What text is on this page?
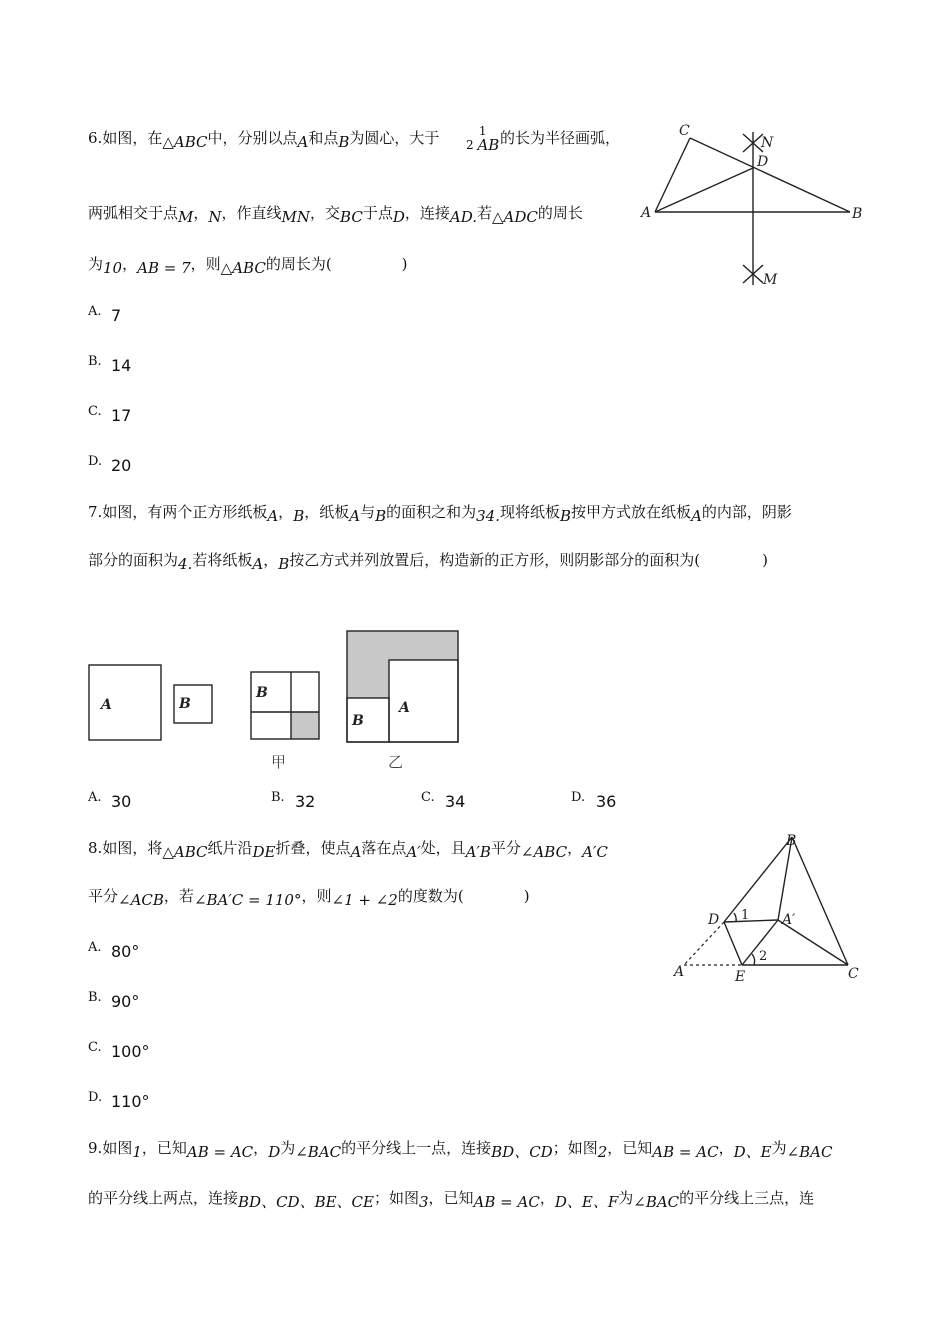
6.如图，在△ABC中，分别以点A和点B为圆心，大于	1
2
AB 的长为半径画弧，
两弧相交于点M，N，作直线MN，交BC于点D，连接AD.若△ADC的周长
为10，AB = 7，则△ABC的周长为(	)
A. 7
B. 14
C. 17
D. 20
C
N
D
A	B
M
7.如图，有两个正方形纸板A，B，纸板A与B的面积之和为34.现将纸板B按甲方式放在纸板A的内部，阴影
部分的面积为4.若将纸板A，B按乙方式并列放置后，构造新的正方形，则阴影部分的面积为(	)
A	B
B
A
B
甲	乙
A. 30	B. 32	C. 34	D. 36
8.如图，将△ABC纸片沿DE折叠，使点A落在点A′处，且A′B平分∠ABC，A′C
平分∠ACB，若∠BA′C = 110°，则∠1 + ∠2的度数为(	)
A. 80°
B. 90°
C. 100°
D. 110°
B
D	A′
A	E	C
1
2
9.如图1，已知AB = AC，D为∠BAC的平分线上一点，连接BD、CD；如图2，已知AB = AC，D、E为∠BAC
的平分线上两点，连接BD、CD、BE、CE；如图3，已知AB = AC，D、E、F为∠BAC的平分线上三点，连
